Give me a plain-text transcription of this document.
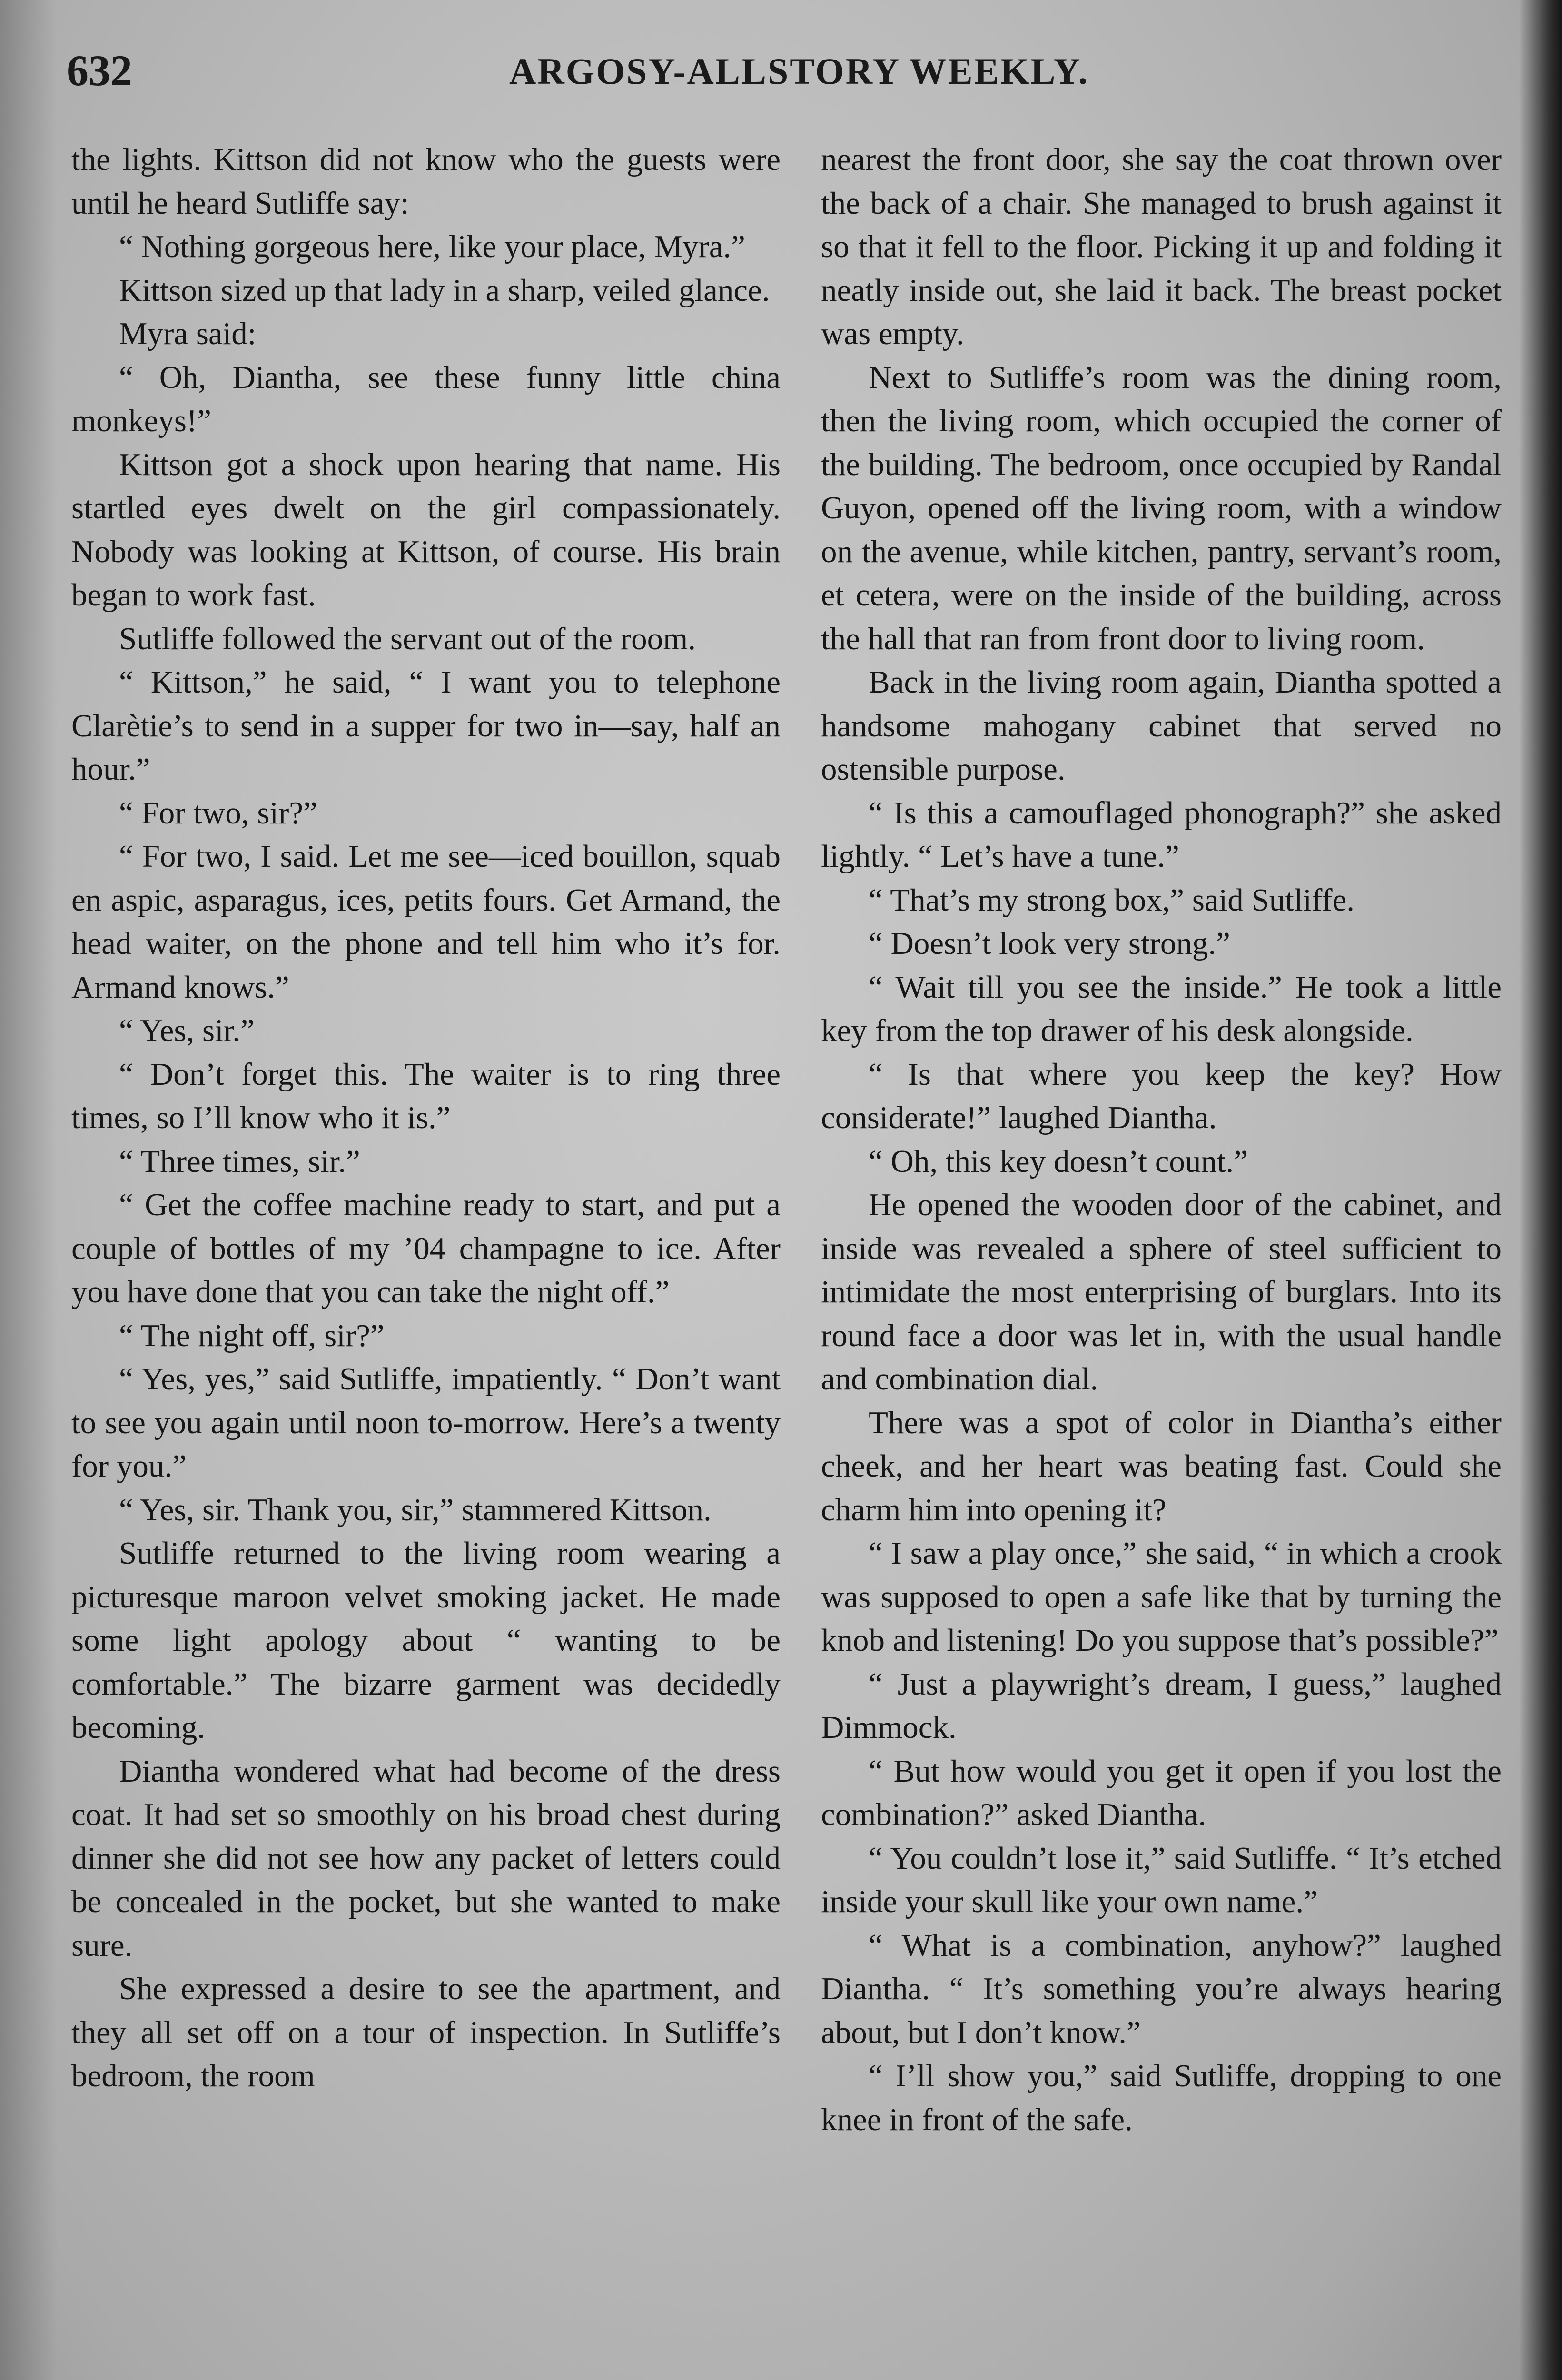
632	ARGOSY-ALLSTORY WEEKLY.

the lights. Kittson did not know who the guests were until he heard Sutliffe say:

“ Nothing gorgeous here, like your place, Myra.”

Kittson sized up that lady in a sharp, veiled glance.

Myra said:

“ Oh, Diantha, see these funny little china monkeys!”

Kittson got a shock upon hearing that name. His startled eyes dwelt on the girl compassionately. Nobody was looking at Kittson, of course. His brain began to work fast.

Sutliffe followed the servant out of the room.

“ Kittson,” he said, “ I want you to telephone Clarètie’s to send in a supper for two in—say, half an hour.”

“ For two, sir?”

“ For two, I said. Let me see—iced bouillon, squab en aspic, asparagus, ices, petits fours. Get Armand, the head waiter, on the phone and tell him who it’s for. Armand knows.”

“ Yes, sir.”

“ Don’t forget this. The waiter is to ring three times, so I’ll know who it is.”

“ Three times, sir.”

“ Get the coffee machine ready to start, and put a couple of bottles of my ’04 champagne to ice. After you have done that you can take the night off.”

“ The night off, sir?”

“ Yes, yes,” said Sutliffe, impatiently. “ Don’t want to see you again until noon to-morrow. Here’s a twenty for you.”

“ Yes, sir. Thank you, sir,” stammered Kittson.

Sutliffe returned to the living room wearing a picturesque maroon velvet smoking jacket. He made some light apology about “ wanting to be comfortable.” The bizarre garment was decidedly becoming.

Diantha wondered what had become of the dress coat. It had set so smoothly on his broad chest during dinner she did not see how any packet of letters could be concealed in the pocket, but she wanted to make sure.

She expressed a desire to see the apartment, and they all set off on a tour of inspection. In Sutliffe’s bedroom, the room

nearest the front door, she say the coat thrown over the back of a chair. She managed to brush against it so that it fell to the floor. Picking it up and folding it neatly inside out, she laid it back. The breast pocket was empty.

Next to Sutliffe’s room was the dining room, then the living room, which occupied the corner of the building. The bedroom, once occupied by Randal Guyon, opened off the living room, with a window on the avenue, while kitchen, pantry, servant’s room, et cetera, were on the inside of the building, across the hall that ran from front door to living room.

Back in the living room again, Diantha spotted a handsome mahogany cabinet that served no ostensible purpose.

“ Is this a camouflaged phonograph?” she asked lightly. “ Let’s have a tune.”

“ That’s my strong box,” said Sutliffe.

“ Doesn’t look very strong.”

“ Wait till you see the inside.” He took a little key from the top drawer of his desk alongside.

“ Is that where you keep the key? How considerate!” laughed Diantha.

“ Oh, this key doesn’t count.”

He opened the wooden door of the cabinet, and inside was revealed a sphere of steel sufficient to intimidate the most enterprising of burglars. Into its round face a door was let in, with the usual handle and combination dial.

There was a spot of color in Diantha’s either cheek, and her heart was beating fast. Could she charm him into opening it?

“ I saw a play once,” she said, “ in which a crook was supposed to open a safe like that by turning the knob and listening! Do you suppose that’s possible?”

“ Just a playwright’s dream, I guess,” laughed Dimmock.

“ But how would you get it open if you lost the combination?” asked Diantha.

“ You couldn’t lose it,” said Sutliffe. “ It’s etched inside your skull like your own name.”

“ What is a combination, anyhow?” laughed Diantha. “ It’s something you’re always hearing about, but I don’t know.”

“ I’ll show you,” said Sutliffe, dropping to one knee in front of the safe.
